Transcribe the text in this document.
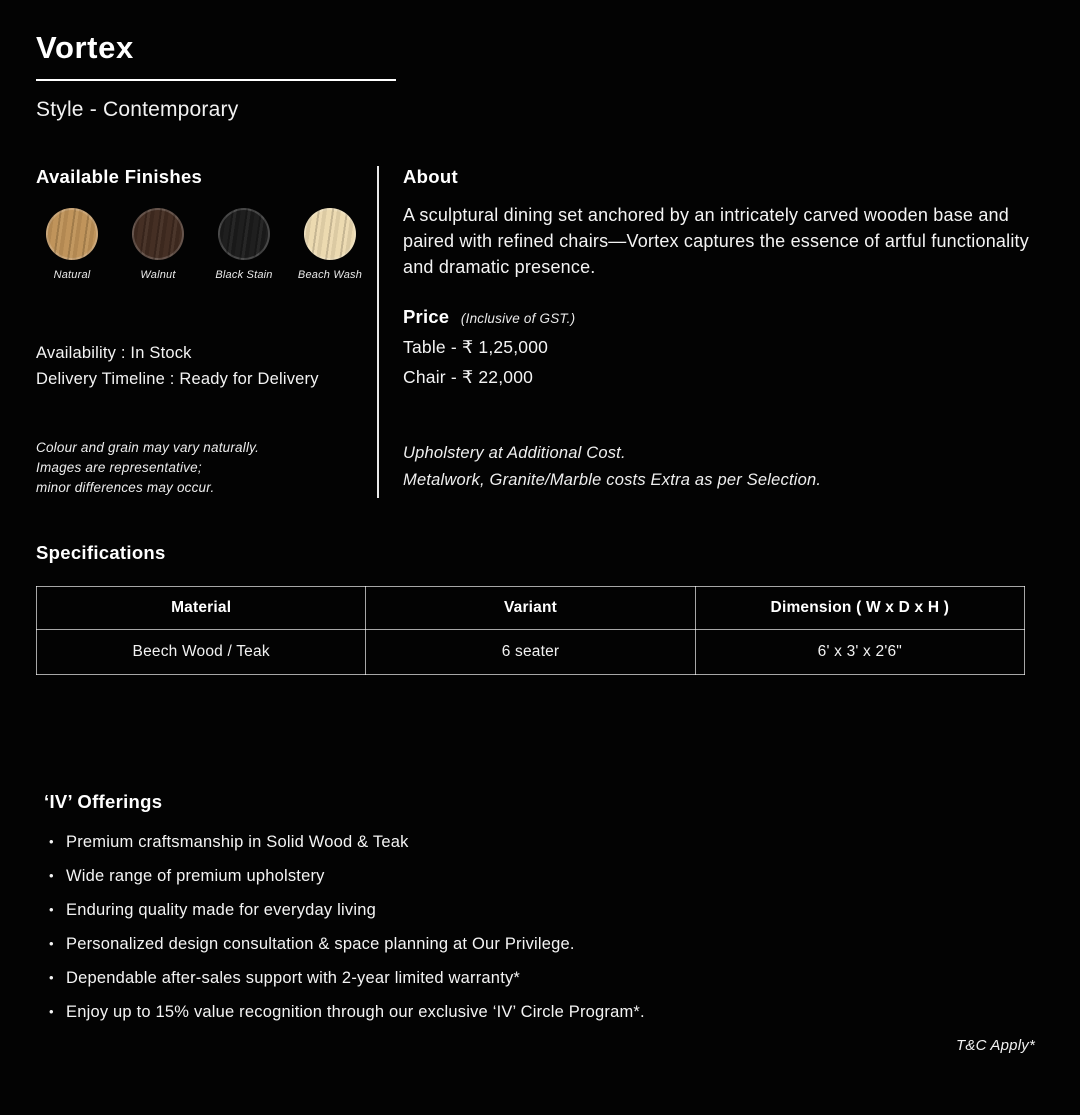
Vortex
Style - Contemporary
Available Finishes
Natural	Walnut	Black Stain Beach Wash
Availability : In Stock
Delivery Timeline : Ready for Delivery
Colour and grain may vary naturally.
Images are representative;
minor differences may occur.
About

A sculptural dining set anchored by an intricately carved wooden base and paired with refined chairs—Vortex captures the essence of artful functionality and dramatic presence.

Price (Inclusive of GST.)
Table - ₹ 1,25,000
Chair - ₹ 22,000
Upholstery at Additional Cost.
Metalwork, Granite/Marble costs Extra as per Selection.
Specifications
Material	Variant	Dimension ( W x D x H )
Beech Wood / Teak	6 seater	6' x 3' x 2'6"
‘IV’ Offerings
• Premium craftsmanship in Solid Wood & Teak
• Wide range of premium upholstery
• Enduring quality made for everyday living
• Personalized design consultation & space planning at Our Privilege.
• Dependable after-sales support with 2-year limited warranty*
• Enjoy up to 15% value recognition through our exclusive ‘IV’ Circle Program*.
T&C Apply*
